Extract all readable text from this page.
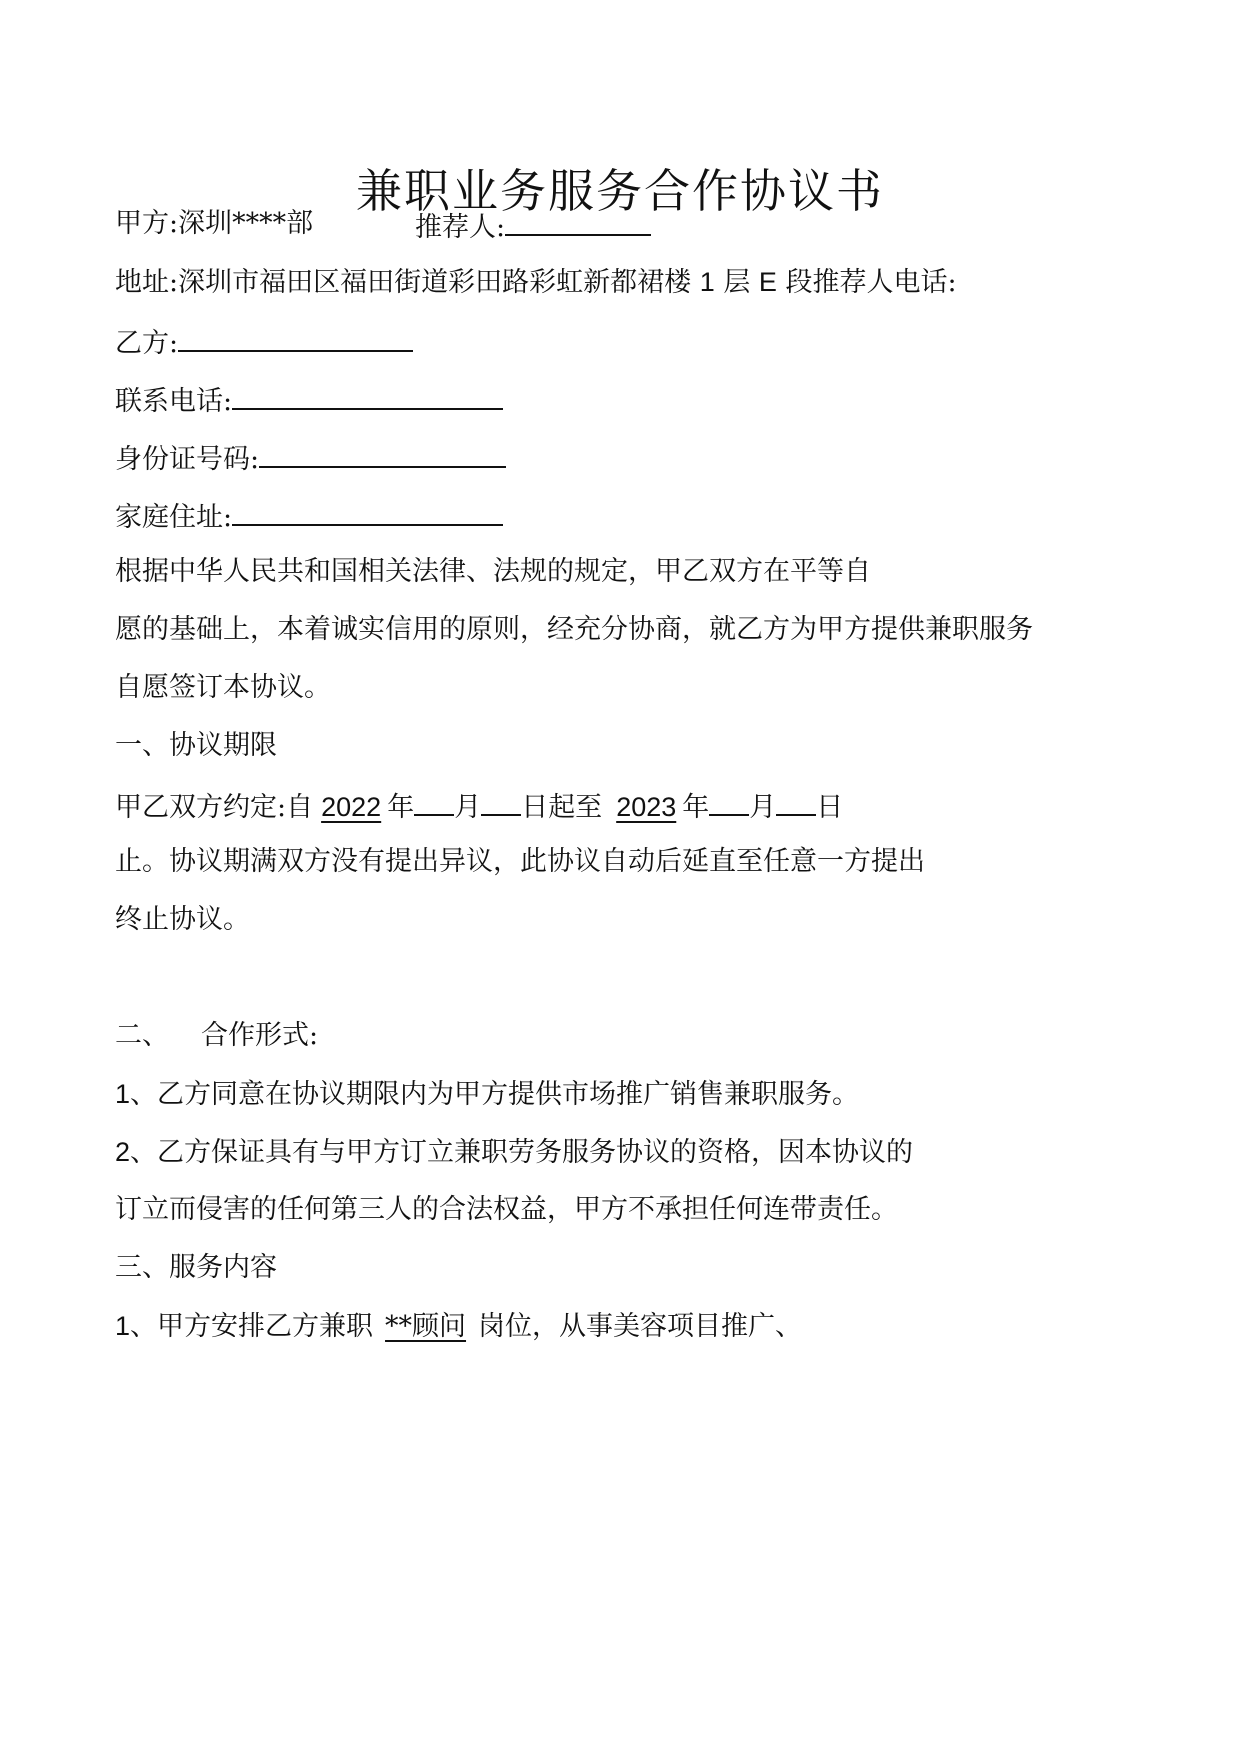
兼职业务服务合作协议书
甲方:深圳****部	推荐人:
地址:深圳市福田区福田街道彩田路彩虹新都裙楼 1 层 E 段推荐人电话:
乙方:
联系电话:
身份证号码:
家庭住址:
根据中华人民共和国相关法律、法规的规定，甲乙双方在平等自
愿的基础上，本着诚实信用的原则，经充分协商，就乙方为甲方提供兼职服务
自愿签订本协议。
一、协议期限
甲乙双方约定:自 2022 年 月 日起至 2023 年 月 日
止。协议期满双方没有提出异议，此协议自动后延直至任意一方提出
终止协议。
二、 合作形式:
1、乙方同意在协议期限内为甲方提供市场推广销售兼职服务。
2、乙方保证具有与甲方订立兼职劳务服务协议的资格，因本协议的
订立而侵害的任何第三人的合法权益，甲方不承担任何连带责任。
三、服务内容
1、甲方安排乙方兼职 **顾问 岗位，从事美容项目推广、
